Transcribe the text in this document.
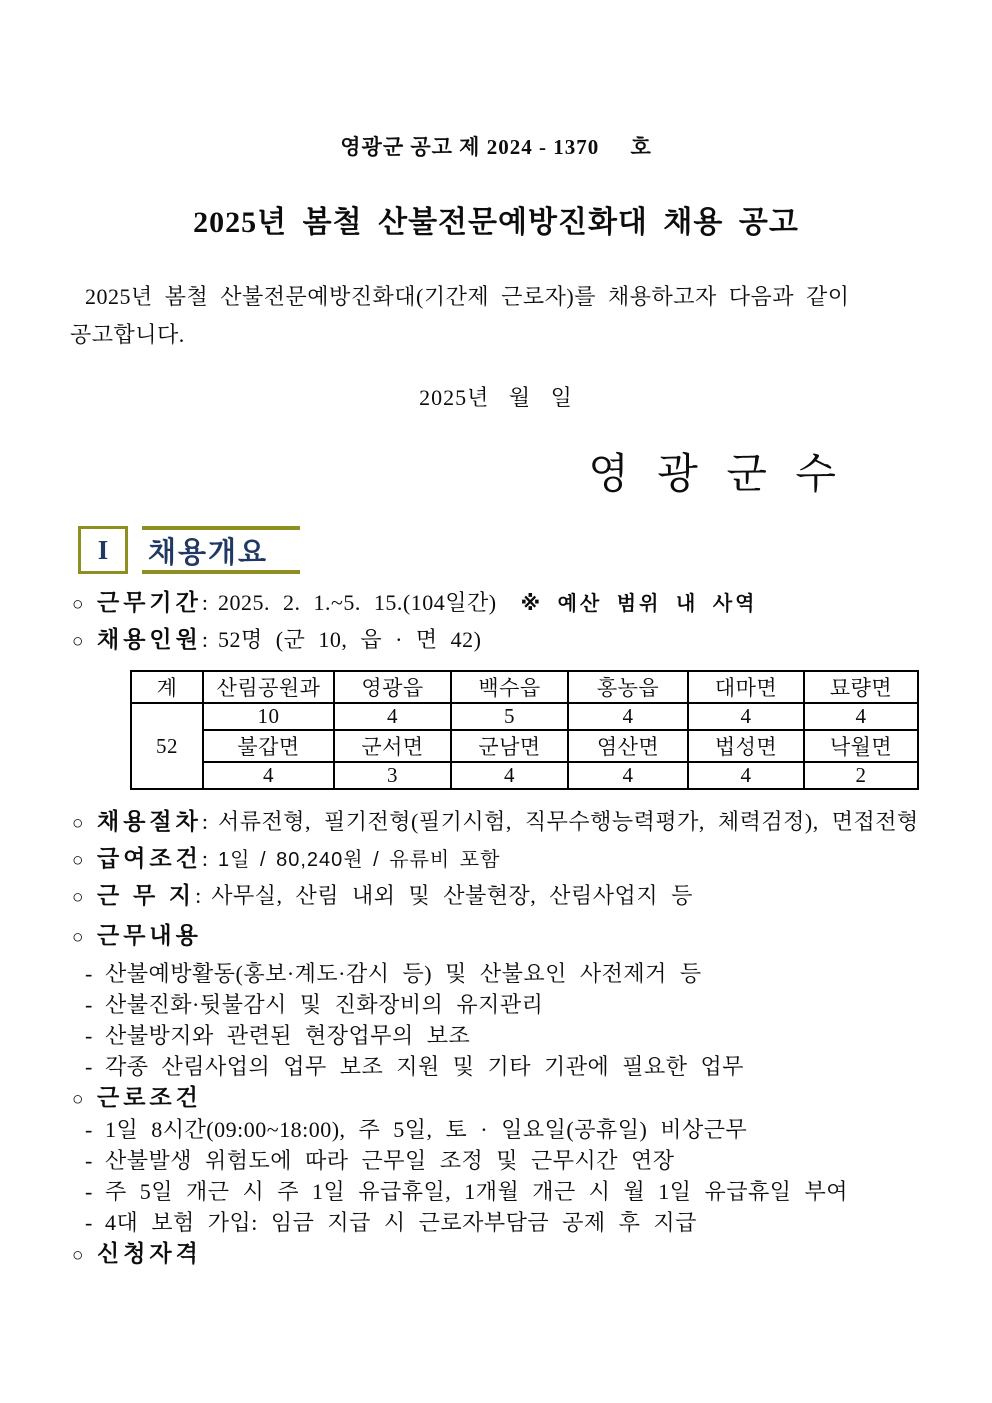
영광군 공고 제 2024 - 1370     호
2025년 봄철 산불전문예방진화대 채용 공고
2025년 봄철 산불전문예방진화대(기간제 근로자)를 채용하고자 다음과 같이
공고합니다.
2025년   월   일
영 광 군 수
I 채용개요
○ 근무기간 : 2025. 2. 1.~5. 15.(104일간) ※ 예산 범위 내 사역
○ 채용인원 : 52명 (군 10, 읍 · 면 42)
계	산림공원과	영광읍	백수읍	홍농읍	대마면	묘량면
52	10	4	5	4	4	4
	불갑면	군서면	군남면	염산면	법성면	낙월면
	4	3	4	4	4	2
○ 채용절차 : 서류전형, 필기전형(필기시험, 직무수행능력평가, 체력검정), 면접전형
○ 급여조건 : 1일 / 80,240원 / 유류비 포함
○ 근 무 지 : 사무실, 산림 내외 및 산불현장, 산림사업지 등
○ 근무내용
- 산불예방활동(홍보·계도·감시 등) 및 산불요인 사전제거 등
- 산불진화·뒷불감시 및 진화장비의 유지관리
- 산불방지와 관련된 현장업무의 보조
- 각종 산림사업의 업무 보조 지원 및 기타 기관에 필요한 업무
○ 근로조건
- 1일 8시간(09:00~18:00), 주 5일, 토 · 일요일(공휴일) 비상근무
- 산불발생 위험도에 따라 근무일 조정 및 근무시간 연장
- 주 5일 개근 시 주 1일 유급휴일, 1개월 개근 시 월 1일 유급휴일 부여
- 4대 보험 가입: 임금 지급 시 근로자부담금 공제 후 지급
○ 신청자격
